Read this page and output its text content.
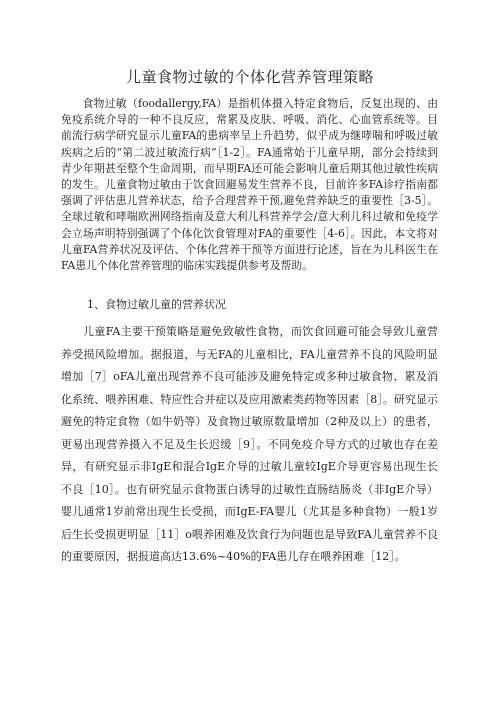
儿童食物过敏的个体化营养管理策略

食物过敏（foodallergy,FA）是指机体摄入特定食物后，反复出现的、由免疫系统介导的一种不良反应，常累及皮肤、呼吸、消化、心血管系统等。目前流行病学研究显示儿童FA的患病率呈上升趋势，似乎成为继哮喘和呼吸过敏疾病之后的“第二波过敏流行病”［1-2］。FA通常始于儿童早期，部分会持续到青少年期甚至整个生命周期，而早期FA还可能会影响儿童后期其他过敏性疾病的发生。儿童食物过敏由于饮食回避易发生营养不良，目前许多FA诊疗指南都强调了评估患儿营养状态，给予合理营养干预,避免营养缺乏的重要性［3-5］。全球过敏和哮喘欧洲网络指南及意大利儿科营养学会/意大利儿科过敏和免疫学会立场声明特别强调了个体化饮食管理对FA的重要性［4-6］。因此，本文将对儿童FA营养状况及评估、个体化营养干预等方面进行论述，旨在为儿科医生在FA患儿个体化营养管理的临床实践提供参考及帮助。

1、食物过敏儿童的营养状况

儿童FA主要干预策略是避免致敏性食物，而饮食回避可能会导致儿童营养受损风险增加。据报道，与无FA的儿童相比，FA儿童营养不良的风险明显增加［7］oFA儿童出现营养不良可能涉及避免特定或多种过敏食物、累及消化系统、喂养困难、特应性合并症以及应用激素类药物等因素［8］。研究显示避免的特定食物（如牛奶等）及食物过敏原数量增加（2种及以上）的患者，更易出现营养摄入不足及生长迟缓［9］。不同免疫介导方式的过敏也存在差异，有研究显示非IgE和混合IgE介导的过敏儿童较IgE介导更容易出现生长不良［10］。也有研究显示食物蛋白诱导的过敏性直肠结肠炎（非IgE介导）婴儿通常1岁前常出现生长受损，而IgE-FA婴儿（尤其是多种食物）一般1岁后生长受损更明显［11］o喂养困难及饮食行为问题也是导致FA儿童营养不良的重要原因，据报道高达13.6%~40%的FA患儿存在喂养困难［12］。
